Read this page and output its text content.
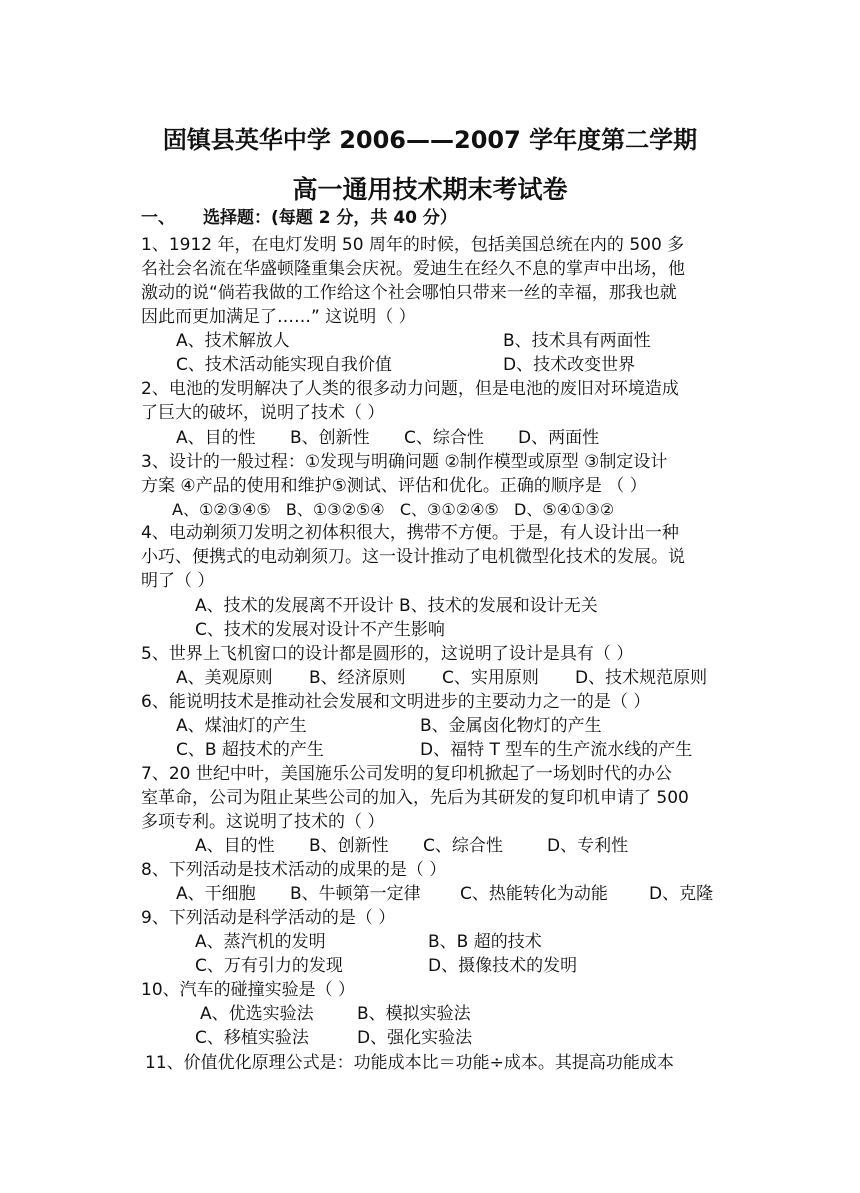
固镇县英华中学 2006——2007 学年度第二学期
高一通用技术期末考试卷
一、 选择题：(每题 2 分，共 40 分）
1、1912 年，在电灯发明 50 周年的时候，包括美国总统在内的 500 多
名社会名流在华盛顿隆重集会庆祝。爱迪生在经久不息的掌声中出场，他
激动的说“倘若我做的工作给这个社会哪怕只带来一丝的幸福，那我也就
因此而更加满足了……” 这说明（ ）
A、技术解放人	B、技术具有两面性
C、技术活动能实现自我价值	D、技术改变世界
2、电池的发明解决了人类的很多动力问题，但是电池的废旧对环境造成
了巨大的破坏，说明了技术（ ）
A、目的性 B、创新性 C、综合性 D、两面性
3、设计的一般过程：①发现与明确问题 ②制作模型或原型 ③制定设计
方案 ④产品的使用和维护⑤测试、评估和优化。正确的顺序是 （ ）
A、①②③④⑤   B、①③②⑤④   C、③①②④⑤   D、⑤④①③②
4、电动剃须刀发明之初体积很大，携带不方便。于是，有人设计出一种
小巧、便携式的电动剃须刀。这一设计推动了电机微型化技术的发展。说
明了（ ）
A、技术的发展离不开设计 B、技术的发展和设计无关
C、技术的发展对设计不产生影响
5、世界上飞机窗口的设计都是圆形的，这说明了设计是具有（ ）
A、美观原则 B、经济原则 C、实用原则 D、技术规范原则
6、能说明技术是推动社会发展和文明进步的主要动力之一的是（ ）
A、煤油灯的产生	B、金属卤化物灯的产生
C、B 超技术的产生	D、福特 T 型车的生产流水线的产生
7、20 世纪中叶，美国施乐公司发明的复印机掀起了一场划时代的办公
室革命，公司为阻止某些公司的加入，先后为其研发的复印机申请了 500
多项专利。这说明了技术的（ ）
A、目的性 B、创新性 C、综合性	D、专利性
8、下列活动是技术活动的成果的是（ ）
A、干细胞 B、牛顿第一定律 C、热能转化为动能 D、克隆
9、下列活动是科学活动的是（ ）
A、蒸汽机的发明	B、B 超的技术
C、万有引力的发现	D、摄像技术的发明
10、汽车的碰撞实验是（ ）
A、优选实验法	B、模拟实验法
C、移植实验法	D、强化实验法
11、价值优化原理公式是：功能成本比＝功能÷成本。其提高功能成本
